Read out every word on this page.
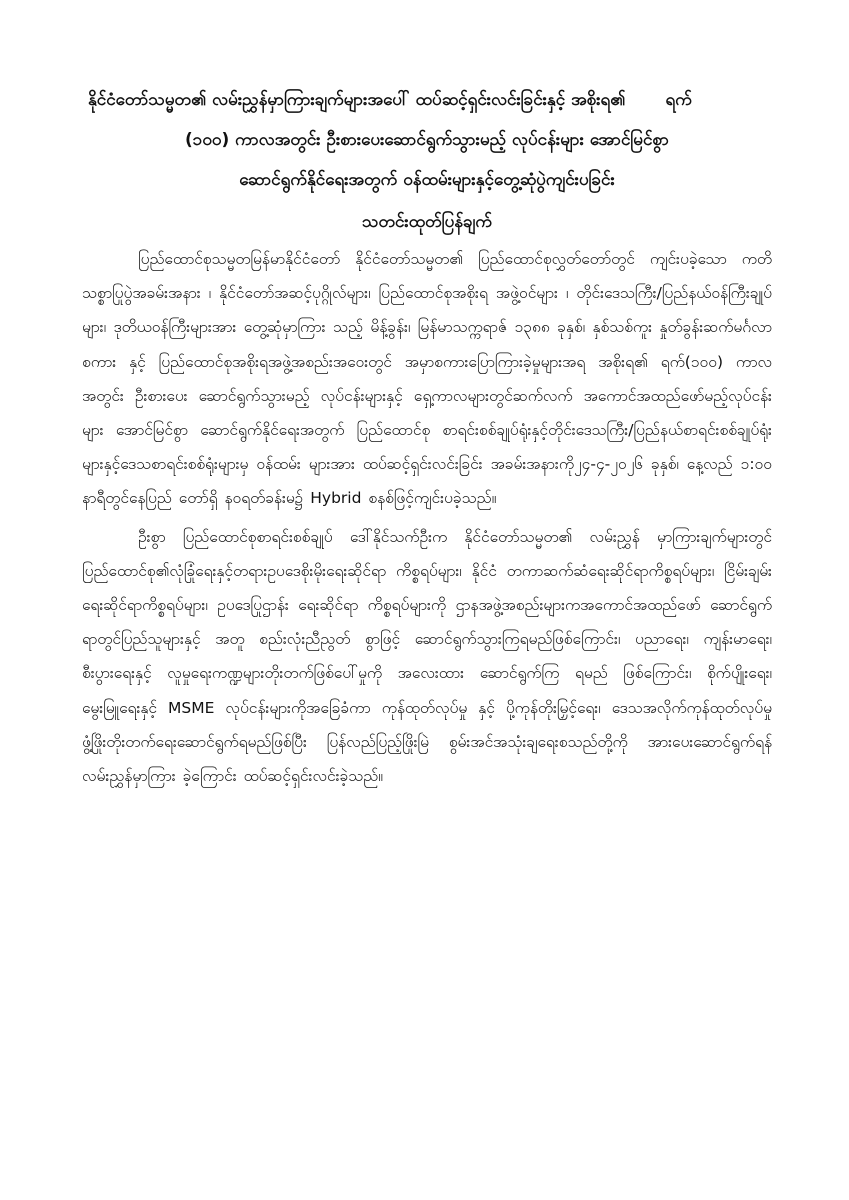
နိုင်ငံတော်သမ္မတ၏ လမ်းညွှန်မှာကြားချက်များအပေါ် ထပ်ဆင့်ရှင်းလင်းခြင်းနှင့် အစိုးရ၏ ရက်
(၁၀၀) ကာလအတွင်း ဦးစားပေးဆောင်ရွက်သွားမည့် လုပ်ငန်းများ အောင်မြင်စွာ
ဆောင်ရွက်နိုင်ရေးအတွက် ဝန်ထမ်းများနှင့်တွေ့ဆုံပွဲကျင်းပခြင်း
သတင်းထုတ်ပြန်ချက်

ပြည်ထောင်စုသမ္မတမြန်မာနိုင်ငံတော် နိုင်ငံတော်သမ္မတ၏ ပြည်ထောင်စုလွှတ်တော်တွင် ကျင်းပခဲ့သော ကတိသစ္စာပြုပွဲအခမ်းအနား ၊ နိုင်ငံတော်အဆင့်ပုဂ္ဂိုလ်များ၊ ပြည်ထောင်စုအစိုးရ အဖွဲ့ဝင်များ ၊ တိုင်းဒေသကြီး/ပြည်နယ်ဝန်ကြီးချုပ်များ၊ ဒုတိယဝန်ကြီးများအား တွေ့ဆုံမှာကြား သည့် မိန့်ခွန်း၊ မြန်မာသက္ကရာဇ် ၁၃၈၈ ခုနှစ်၊ နှစ်သစ်ကူး နှုတ်ခွန်းဆက်မင်္ဂလာစကား နှင့် ပြည်ထောင်စုအစိုးရအဖွဲ့အစည်းအဝေးတွင် အမှာစကားပြောကြားခဲ့မှုများအရ အစိုးရ၏ ရက်(၁၀၀) ကာလအတွင်း ဦးစားပေး ဆောင်ရွက်သွားမည့် လုပ်ငန်းများနှင့် ရှေ့ကာလများတွင်ဆက်လက် အကောင်အထည်ဖော်မည့်လုပ်ငန်းများ အောင်မြင်စွာ ဆောင်ရွက်နိုင်ရေးအတွက် ပြည်ထောင်စု စာရင်းစစ်ချုပ်ရုံးနှင့်တိုင်းဒေသကြီး/ပြည်နယ်စာရင်းစစ်ချုပ်ရုံးများနှင့်ဒေသစာရင်းစစ်ရုံးများမှ ဝန်ထမ်း များအား ထပ်ဆင့်ရှင်းလင်းခြင်း အခမ်းအနားကို၂၄-၄-၂၀၂၆ ခုနှစ်၊ နေ့လည် ၁:၀၀ နာရီတွင်နေပြည် တော်ရှိ နဝရတ်ခန်းမ၌ Hybrid စနစ်ဖြင့်ကျင်းပခဲ့သည်။

ဦးစွာ ပြည်ထောင်စုစာရင်းစစ်ချုပ် ဒေါ်နိုင်သက်ဦးက နိုင်ငံတော်သမ္မတ၏ လမ်းညွှန် မှာကြားချက်များတွင် ပြည်ထောင်စု၏လုံခြုံရေးနှင့်တရားဥပဒေစိုးမိုးရေးဆိုင်ရာ ကိစ္စရပ်များ၊ နိုင်ငံ တကာဆက်ဆံရေးဆိုင်ရာကိစ္စရပ်များ၊ ငြိမ်းချမ်းရေးဆိုင်ရာကိစ္စရပ်များ၊ ဥပဒေပြုဌာန်း ရေးဆိုင်ရာ ကိစ္စရပ်များကို ဌာနအဖွဲ့အစည်းများကအကောင်အထည်ဖော် ဆောင်ရွက်ရာတွင်ပြည်သူများနှင့် အတူ စည်းလုံးညီညွတ် စွာဖြင့် ဆောင်ရွက်သွားကြရမည်ဖြစ်ကြောင်း၊ ပညာရေး၊ ကျန်းမာရေး၊ စီးပွားရေးနှင့် လူမှုရေးကဏ္ဍများတိုးတက်ဖြစ်ပေါ်မှုကို အလေးထား ဆောင်ရွက်ကြ ရမည် ဖြစ်ကြောင်း၊ စိုက်ပျိုးရေး၊ မွေးမြူရေးနှင့် MSME လုပ်ငန်းများကိုအခြေခံကာ ကုန်ထုတ်လုပ်မှု နှင့် ပို့ကုန်တိုးမြှင့်ရေး၊ ဒေသအလိုက်ကုန်ထုတ်လုပ်မှု ဖွံ့ဖြိုးတိုးတက်ရေးဆောင်ရွက်ရမည်ဖြစ်ပြီး ပြန်လည်ပြည့်ဖြိုးမြဲ စွမ်းအင်အသုံးချရေးစသည်တို့ကို အားပေးဆောင်ရွက်ရန် လမ်းညွှန်မှာကြား ခဲ့ကြောင်း ထပ်ဆင့်ရှင်းလင်းခဲ့သည်။
